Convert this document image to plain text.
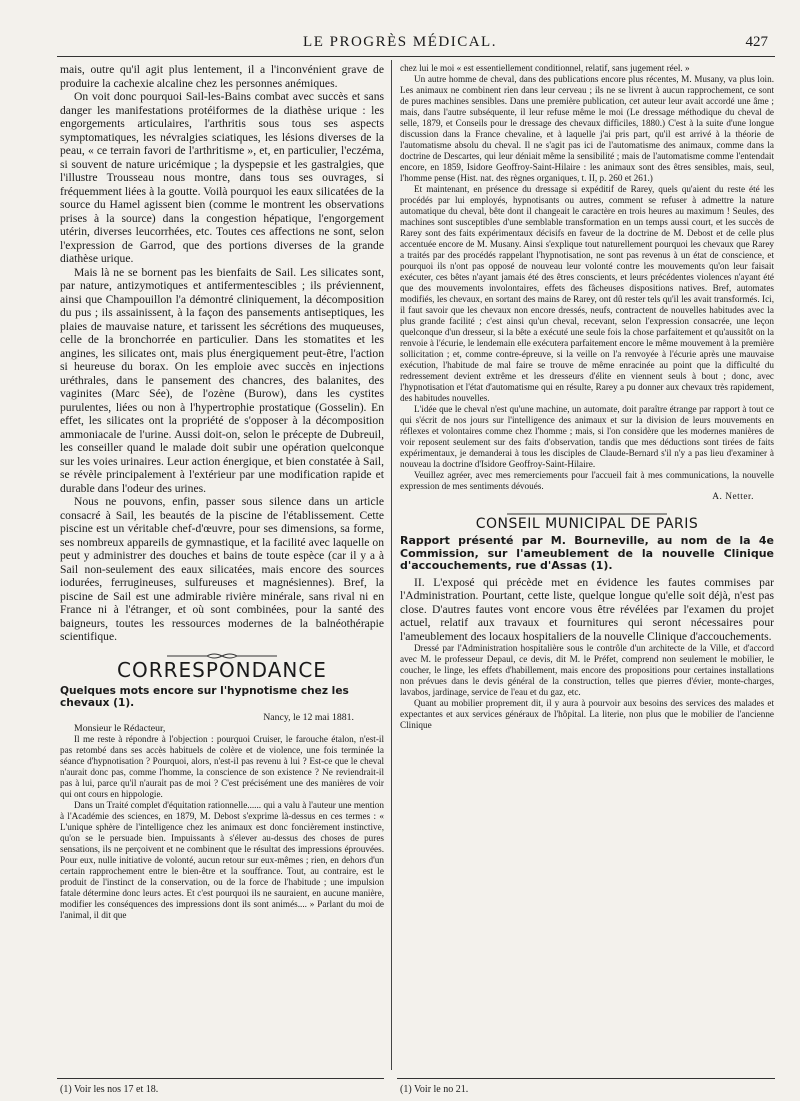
LE PROGRÈS MÉDICAL.	427

mais, outre qu'il agit plus lentement, il a l'inconvénient grave de produire la cachexie alcaline chez les personnes anémiques.

On voit donc pourquoi Sail-les-Bains combat avec succès et sans danger les manifestations protéiformes de la diathèse urique : les engorgements articulaires, l'arthritis sous tous ses aspects symptomatiques, les névralgies sciatiques, les lésions diverses de la peau, « ce terrain favori de l'arthritisme », et, en particulier, l'eczéma, si souvent de nature uricémique ; la dyspepsie et les gastralgies, que l'illustre Trousseau nous montre, dans tous ses ouvrages, si fréquemment liées à la goutte. Voilà pourquoi les eaux silicatées de la source du Hamel agissent bien (comme le montrent les observations prises à la source) dans la congestion hépatique, l'engorgement utérin, diverses leucorrhées, etc. Toutes ces affections ne sont, selon l'expression de Garrod, que des portions diverses de la grande diathèse urique.

Mais là ne se bornent pas les bienfaits de Sail. Les silicates sont, par nature, antizymotiques et antifermentescibles ; ils préviennent, ainsi que Champouillon l'a démontré cliniquement, la décomposition du pus ; ils assainissent, à la façon des pansements antiseptiques, les plaies de mauvaise nature, et tarissent les sécrétions des muqueuses, celle de la bronchorrée en particulier. Dans les stomatites et les angines, les silicates ont, mais plus énergiquement peut-être, l'action si heureuse du borax. On les emploie avec succès en injections uréthrales, dans le pansement des chancres, des balanites, des vaginites (Marc Sée), de l'ozène (Burow), dans les cystites purulentes, liées ou non à l'hypertrophie prostatique (Gosselin). En effet, les silicates ont la propriété de s'opposer à la décomposition ammoniacale de l'urine. Aussi doit-on, selon le précepte de Dubreuil, les conseiller quand le malade doit subir une opération quelconque sur les voies urinaires. Leur action énergique, et bien constatée à Sail, se révèle principalement à l'extérieur par une modification rapide et durable dans l'odeur des urines.

Nous ne pouvons, enfin, passer sous silence dans un article consacré à Sail, les beautés de la piscine de l'établissement. Cette piscine est un véritable chef-d'œuvre, pour ses dimensions, sa forme, ses nombreux appareils de gymnastique, et la facilité avec laquelle on peut y administrer des douches et bains de toute espèce (car il y a à Sail non-seulement des eaux silicatées, mais encore des sources iodurées, ferrugineuses, sulfureuses et magnésiennes). Bref, la piscine de Sail est une admirable rivière minérale, sans rival ni en France ni à l'étranger, et où sont combinées, pour la santé des baigneurs, toutes les ressources modernes de la balnéothérapie scientifique.

CORRESPONDANCE
Quelques mots encore sur l'hypnotisme chez les chevaux (1).
Nancy, le 12 mai 1881.
Monsieur le Rédacteur,

Il me reste à répondre à l'objection : pourquoi Cruiser, le farouche étalon, n'est-il pas retombé dans ses accès habituels de colère et de violence, une fois terminée la séance d'hypnotisation ? Pourquoi, alors, n'est-il pas revenu à lui ? Est-ce que le cheval n'aurait donc pas, comme l'homme, la conscience de son existence ? Ne reviendrait-il pas à lui, parce qu'il n'aurait pas de moi ? C'est précisément une des manières de voir qui ont cours en hippologie.

Dans un Traité complet d'équitation rationnelle...... qui a valu à l'auteur une mention à l'Académie des sciences, en 1879, M. Debost s'exprime là-dessus en ces termes : « L'unique sphère de l'intelligence chez les animaux est donc foncièrement instinctive, qu'on se le persuade bien. Impuissants à s'élever au-dessus des choses de pures sensations, ils ne perçoivent et ne combinent que le résultat des impressions éprouvées. Pour eux, nulle initiative de volonté, aucun retour sur eux-mêmes ; rien, en dehors d'un certain rapprochement entre le bien-être et la souffrance. Tout, au contraire, est le produit de l'instinct de la conservation, ou de la force de l'habitude ; une impulsion fatale détermine donc leurs actes. Et c'est pourquoi ils ne sauraient, en aucune manière, modifier les conséquences des impressions dont ils sont animés.... » Parlant du moi de l'animal, il dit que

chez lui le moi « est essentiellement conditionnel, relatif, sans jugement réel. »

Un autre homme de cheval, dans des publications encore plus récentes, M. Musany, va plus loin. Les animaux ne combinent rien dans leur cerveau ; ils ne se livrent à aucun rapprochement, ce sont de pures machines sensibles. Dans une première publication, cet auteur leur avait accordé une âme ; mais, dans l'autre subséquente, il leur refuse même le moi (Le dressage méthodique du cheval de selle, 1879, et Conseils pour le dressage des chevaux difficiles, 1880.) C'est à la suite d'une longue discussion dans la France chevaline, et à laquelle j'ai pris part, qu'il est arrivé à la théorie de l'automatisme absolu du cheval. Il ne s'agit pas ici de l'automatisme des animaux, comme dans la doctrine de Descartes, qui leur déniait même la sensibilité ; mais de l'automatisme comme l'entendait encore, en 1859, Isidore Geoffroy-Saint-Hilaire : les animaux sont des êtres sensibles, mais, seul, l'homme pense (Hist. nat. des règnes organiques, t. II, p. 260 et 261.)

Et maintenant, en présence du dressage si expéditif de Rarey, quels qu'aient du reste été les procédés par lui employés, hypnotisants ou autres, comment se refuser à admettre la nature automatique du cheval, bête dont il changeait le caractère en trois heures au maximum ! Seules, des machines sont susceptibles d'une semblable transformation en un temps aussi court, et les succès de Rarey sont des faits expérimentaux décisifs en faveur de la doctrine de M. Debost et de celle plus accentuée encore de M. Musany. Ainsi s'explique tout naturellement pourquoi les chevaux que Rarey a traités par des procédés rappelant l'hypnotisation, ne sont pas revenus à un état de conscience, et pourquoi ils n'ont pas opposé de nouveau leur volonté contre les mouvements qu'on leur faisait exécuter, ces bêtes n'ayant jamais été des êtres conscients, et leurs précédentes violences n'ayant été que des mouvements involontaires, effets des fâcheuses dispositions natives. Bref, automates modifiés, les chevaux, en sortant des mains de Rarey, ont dû rester tels qu'il les avait transformés. Ici, il faut savoir que les chevaux non encore dressés, neufs, contractent de nouvelles habitudes avec la plus grande facilité ; c'est ainsi qu'un cheval, recevant, selon l'expression consacrée, une leçon quelconque d'un dresseur, si la bête a exécuté une seule fois la chose parfaitement et qu'aussitôt on la renvoie à l'écurie, le lendemain elle exécutera parfaitement encore le même mouvement à la première sollicitation ; et, comme contre-épreuve, si la veille on l'a renvoyée à l'écurie après une mauvaise exécution, l'habitude de mal faire se trouve de même enracinée au point que la difficulté du redressement devient extrême et les dresseurs d'élite en viennent seuls à bout ; donc, avec l'hypnotisation et l'état d'automatisme qui en résulte, Rarey a pu donner aux chevaux très rapidement, des habitudes nouvelles.

L'idée que le cheval n'est qu'une machine, un automate, doit paraître étrange par rapport à tout ce qui s'écrit de nos jours sur l'intelligence des animaux et sur la division de leurs mouvements en réflexes et volontaires comme chez l'homme ; mais, si l'on considère que les modernes manières de voir reposent seulement sur des faits d'observation, tandis que mes déductions sont tirées de faits expérimentaux, je demanderai à tous les disciples de Claude-Bernard s'il n'y a pas lieu d'examiner à nouveau la doctrine d'Isidore Geoffroy-Saint-Hilaire.

Veuillez agréer, avec mes remerciements pour l'accueil fait à mes communications, la nouvelle expression de mes sentiments dévoués.

A. Netter.
CONSEIL MUNICIPAL DE PARIS
Rapport présenté par M. Bourneville, au nom de la 4e Commission, sur l'ameublement de la nouvelle Clinique d'accouchements, rue d'Assas (1).

II. L'exposé qui précède met en évidence les fautes commises par l'Administration. Pourtant, cette liste, quelque longue qu'elle soit déjà, n'est pas close. D'autres fautes vont encore vous être révélées par l'examen du projet actuel, relatif aux travaux et fournitures qui seront nécessaires pour l'ameublement des locaux hospitaliers de la nouvelle Clinique d'accouchements.

Dressé par l'Administration hospitalière sous le contrôle d'un architecte de la Ville, et d'accord avec M. le professeur Depaul, ce devis, dit M. le Préfet, comprend non seulement le mobilier, le coucher, le linge, les effets d'habillement, mais encore des propositions pour certaines installations non prévues dans le devis général de la construction, telles que pierres d'évier, monte-charges, lavabos, jardinage, service de l'eau et du gaz, etc.

Quant au mobilier proprement dit, il y aura à pourvoir aux besoins des services des malades et expectantes et aux services généraux de l'hôpital. La literie, non plus que le mobilier de l'ancienne Clinique

(1) Voir les nos 17 et 18.	(1) Voir le no 21.
